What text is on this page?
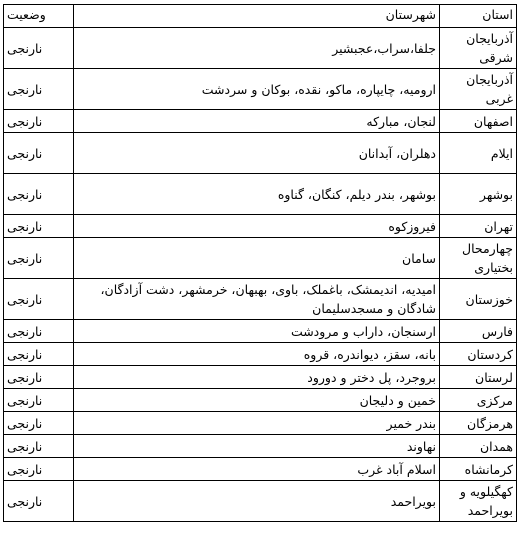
استان	شهرستان	وضعیت
آذربایجان شرقی	جلفا،سراب،عجبشیر	نارنجی
آذربایجان غربی	ارومیه، چایپاره، ماکو، نقده، بوکان و سردشت	نارنجی
اصفهان	لنجان، مبارکه	نارنجی
ایلام	دهلران، آبدانان	نارنجی
بوشهر	بوشهر، بندر دیلم، کنگان، گناوه	نارنجی
تهران	فیروزکوه	نارنجی
چهارمحال بختیاری	سامان	نارنجی
خوزستان	امیدیه، اندیمشک، باغملک، باوی، بهبهان، خرمشهر، دشت آزادگان، شادگان و مسجدسلیمان	نارنجی
فارس	ارسنجان، داراب و مرودشت	نارنجی
کردستان	بانه، سقز، دیواندره، قروه	نارنجی
لرستان	بروجرد، پل دختر و دورود	نارنجی
مرکزی	خمین و دلیجان	نارنجی
هرمزگان	بندر خمیر	نارنجی
همدان	نهاوند	نارنجی
کرمانشاه	اسلام آباد غرب	نارنجی
کهگیلویه و بویراحمد	بویراحمد	نارنجی
